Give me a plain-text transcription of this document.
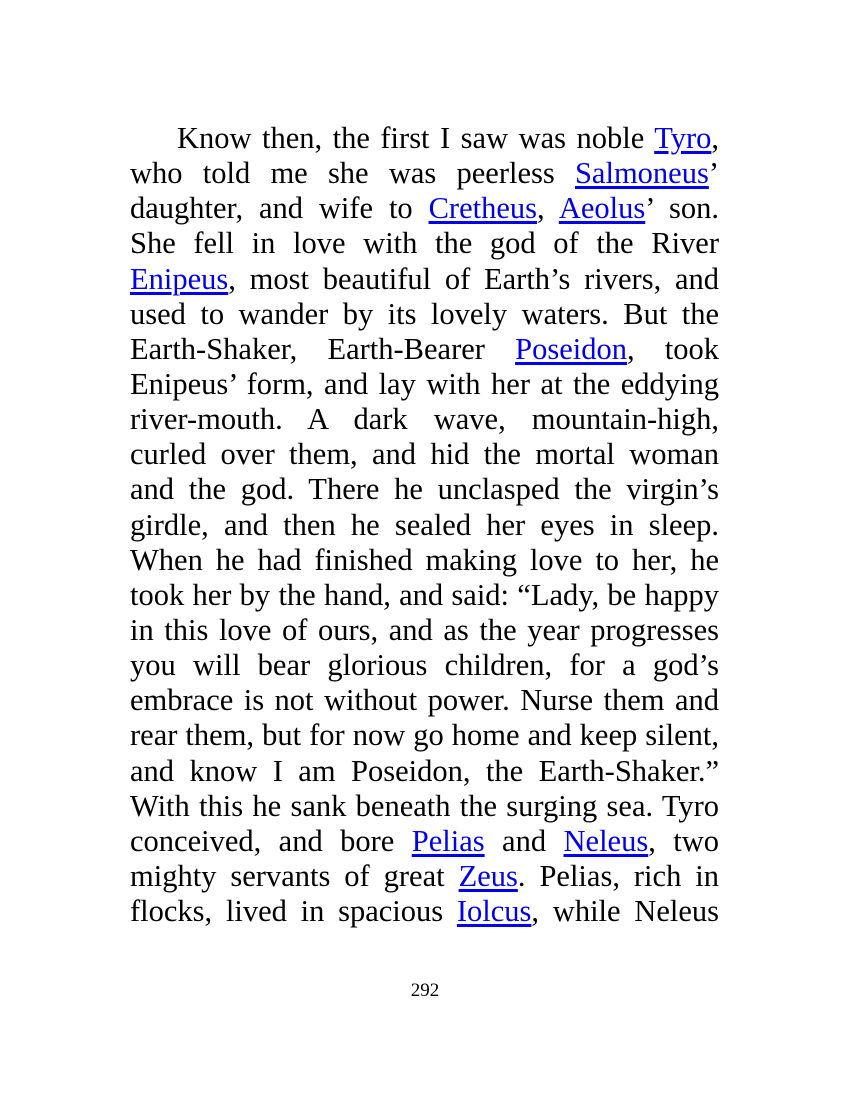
Know then, the first I saw was noble Tyro,
who told me she was peerless Salmoneus’
daughter, and wife to Cretheus, Aeolus’ son.
She fell in love with the god of the River
Enipeus, most beautiful of Earth’s rivers, and
used to wander by its lovely waters. But the
Earth-Shaker, Earth-Bearer Poseidon, took
Enipeus’ form, and lay with her at the eddying
river-mouth. A dark wave, mountain-high,
curled over them, and hid the mortal woman
and the god. There he unclasped the virgin’s
girdle, and then he sealed her eyes in sleep.
When he had finished making love to her, he
took her by the hand, and said: “Lady, be happy
in this love of ours, and as the year progresses
you will bear glorious children, for a god’s
embrace is not without power. Nurse them and
rear them, but for now go home and keep silent,
and know I am Poseidon, the Earth-Shaker.”
With this he sank beneath the surging sea. Tyro
conceived, and bore Pelias and Neleus, two
mighty servants of great Zeus. Pelias, rich in
flocks, lived in spacious Iolcus, while Neleus
292
